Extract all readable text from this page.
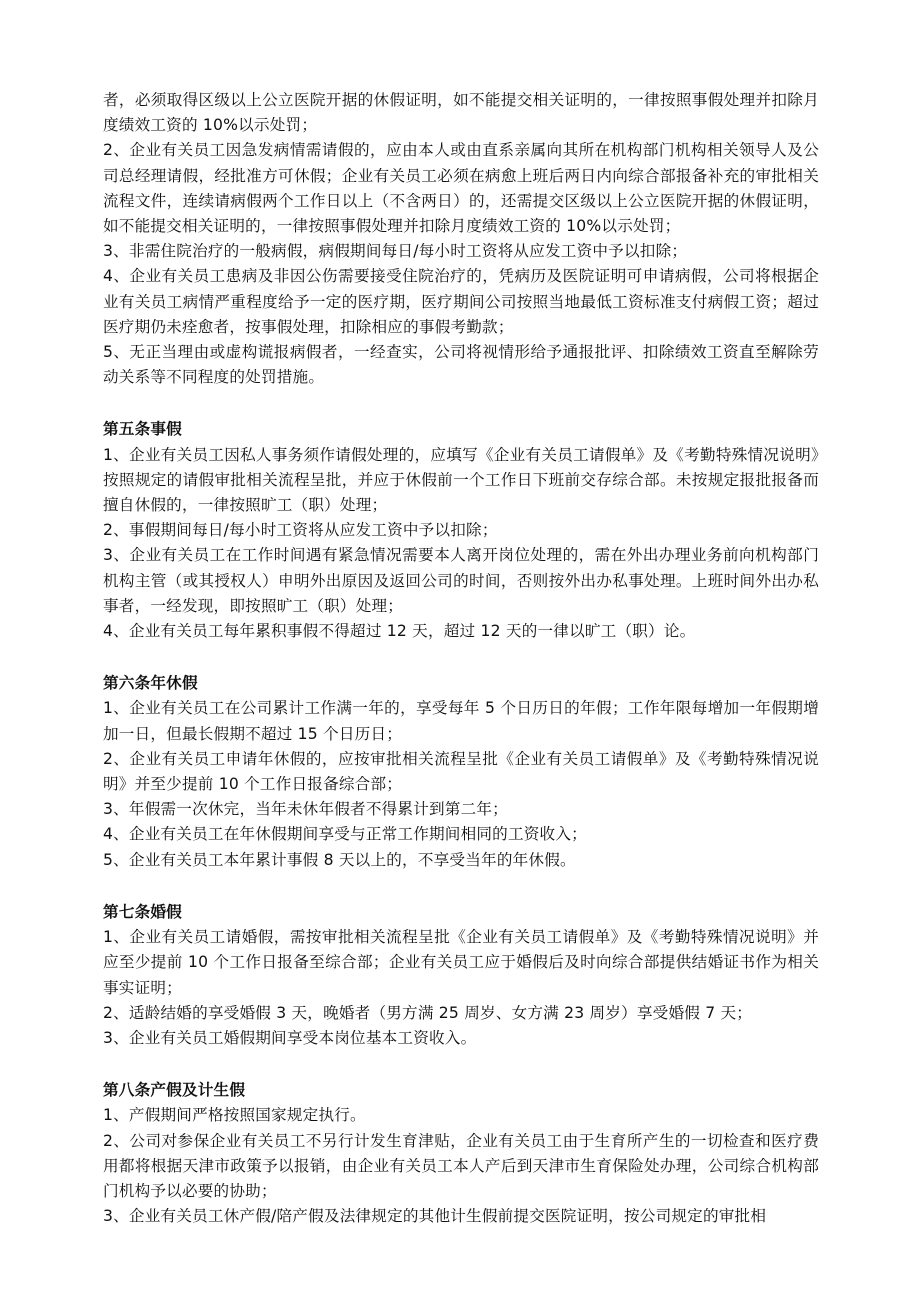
者，必须取得区级以上公立医院开据的休假证明，如不能提交相关证明的，一律按照事假处理并扣除月度绩效工资的 10%以示处罚；

2、企业有关员工因急发病情需请假的，应由本人或由直系亲属向其所在机构部门机构相关领导人及公司总经理请假，经批准方可休假；企业有关员工必须在病愈上班后两日内向综合部报备补充的审批相关流程文件，连续请病假两个工作日以上（不含两日）的，还需提交区级以上公立医院开据的休假证明，如不能提交相关证明的，一律按照事假处理并扣除月度绩效工资的 10%以示处罚；

3、非需住院治疗的一般病假，病假期间每日/每小时工资将从应发工资中予以扣除；

4、企业有关员工患病及非因公伤需要接受住院治疗的，凭病历及医院证明可申请病假，公司将根据企业有关员工病情严重程度给予一定的医疗期，医疗期间公司按照当地最低工资标准支付病假工资；超过医疗期仍未痊愈者，按事假处理，扣除相应的事假考勤款；

5、无正当理由或虚构谎报病假者，一经查实，公司将视情形给予通报批评、扣除绩效工资直至解除劳动关系等不同程度的处罚措施。

第五条事假

1、企业有关员工因私人事务须作请假处理的，应填写《企业有关员工请假单》及《考勤特殊情况说明》按照规定的请假审批相关流程呈批，并应于休假前一个工作日下班前交存综合部。未按规定报批报备而擅自休假的，一律按照旷工（职）处理；

2、事假期间每日/每小时工资将从应发工资中予以扣除；

3、企业有关员工在工作时间遇有紧急情况需要本人离开岗位处理的，需在外出办理业务前向机构部门机构主管（或其授权人）申明外出原因及返回公司的时间，否则按外出办私事处理。上班时间外出办私事者，一经发现，即按照旷工（职）处理；

4、企业有关员工每年累积事假不得超过 12 天，超过 12 天的一律以旷工（职）论。

第六条年休假

1、企业有关员工在公司累计工作满一年的，享受每年 5 个日历日的年假；工作年限每增加一年假期增加一日，但最长假期不超过 15 个日历日；

2、企业有关员工申请年休假的，应按审批相关流程呈批《企业有关员工请假单》及《考勤特殊情况说明》并至少提前 10 个工作日报备综合部；

3、年假需一次休完，当年未休年假者不得累计到第二年；

4、企业有关员工在年休假期间享受与正常工作期间相同的工资收入；

5、企业有关员工本年累计事假 8 天以上的，不享受当年的年休假。

第七条婚假

1、企业有关员工请婚假，需按审批相关流程呈批《企业有关员工请假单》及《考勤特殊情况说明》并应至少提前 10 个工作日报备至综合部；企业有关员工应于婚假后及时向综合部提供结婚证书作为相关事实证明；

2、适龄结婚的享受婚假 3 天，晚婚者（男方满 25 周岁、女方满 23 周岁）享受婚假 7 天；

3、企业有关员工婚假期间享受本岗位基本工资收入。

第八条产假及计生假

1、产假期间严格按照国家规定执行。

2、公司对参保企业有关员工不另行计发生育津贴，企业有关员工由于生育所产生的一切检查和医疗费用都将根据天津市政策予以报销，由企业有关员工本人产后到天津市生育保险处办理，公司综合机构部门机构予以必要的协助；

3、企业有关员工休产假/陪产假及法律规定的其他计生假前提交医院证明，按公司规定的审批相
